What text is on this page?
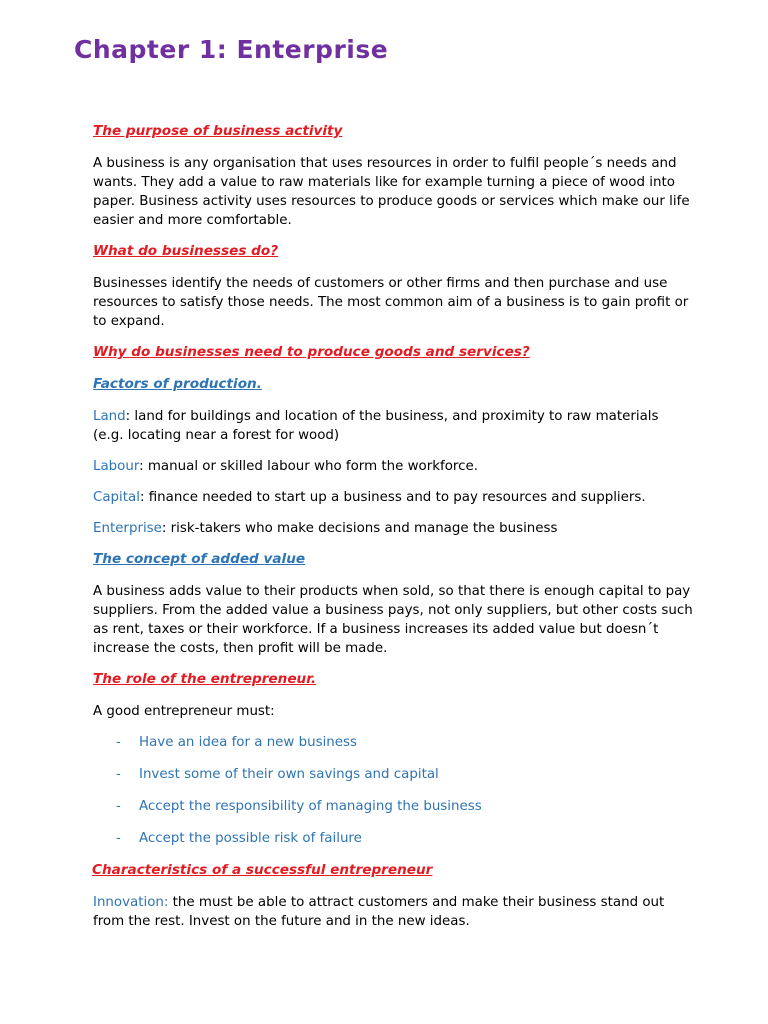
Chapter 1: Enterprise
The purpose of business activity

A business is any organisation that uses resources in order to fulfil people´s needs and wants. They add a value to raw materials like for example turning a piece of wood into paper. Business activity uses resources to produce goods or services which make our life easier and more comfortable.

What do businesses do?

Businesses identify the needs of customers or other firms and then purchase and use resources to satisfy those needs. The most common aim of a business is to gain profit or to expand.

Why do businesses need to produce goods and services?
Factors of production.

Land: land for buildings and location of the business, and proximity to raw materials (e.g. locating near a forest for wood)

Labour: manual or skilled labour who form the workforce.

Capital: finance needed to start up a business and to pay resources and suppliers.

Enterprise: risk-takers who make decisions and manage the business

The concept of added value

A business adds value to their products when sold, so that there is enough capital to pay suppliers. From the added value a business pays, not only suppliers, but other costs such as rent, taxes or their workforce. If a business increases its added value but doesn´t increase the costs, then profit will be made.

The role of the entrepreneur.

A good entrepreneur must:

- Have an idea for a new business
- Invest some of their own savings and capital
- Accept the responsibility of managing the business
- Accept the possible risk of failure
Characteristics of a successful entrepreneur

Innovation: the must be able to attract customers and make their business stand out from the rest. Invest on the future and in the new ideas.
